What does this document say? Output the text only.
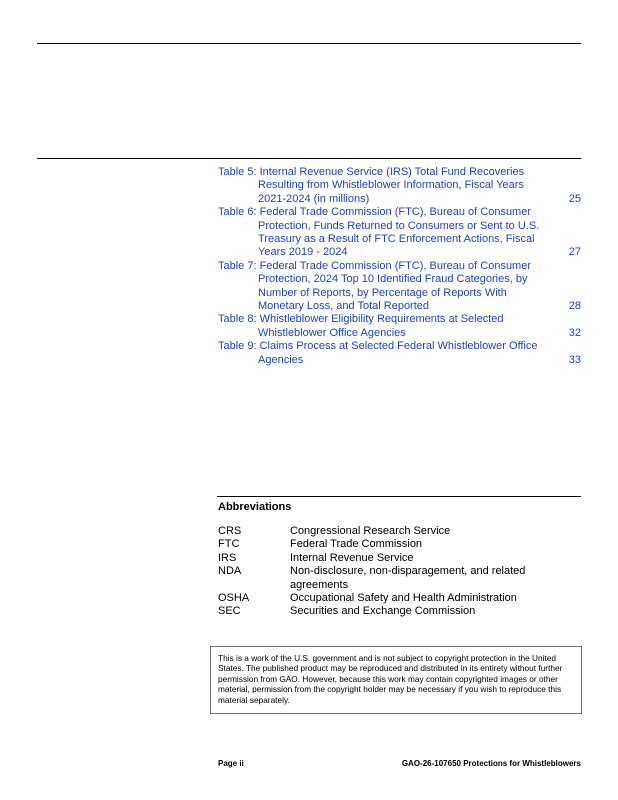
Table 5: Internal Revenue Service (IRS) Total Fund Recoveries
Resulting from Whistleblower Information, Fiscal Years
2021-2024 (in millions)	25
Table 6: Federal Trade Commission (FTC), Bureau of Consumer
Protection, Funds Returned to Consumers or Sent to U.S.
Treasury as a Result of FTC Enforcement Actions, Fiscal
Years 2019 - 2024	27
Table 7: Federal Trade Commission (FTC), Bureau of Consumer
Protection, 2024 Top 10 Identified Fraud Categories, by
Number of Reports, by Percentage of Reports With
Monetary Loss, and Total Reported	28
Table 8: Whistleblower Eligibility Requirements at Selected
Whistleblower Office Agencies	32
Table 9: Claims Process at Selected Federal Whistleblower Office
Agencies	33
Abbreviations
CRS	Congressional Research Service
FTC	Federal Trade Commission
IRS	Internal Revenue Service
NDA	Non-disclosure, non-disparagement, and related agreements
OSHA	Occupational Safety and Health Administration
SEC	Securities and Exchange Commission
This is a work of the U.S. government and is not subject to copyright protection in the United States. The published product may be reproduced and distributed in its entirety without further permission from GAO. However, because this work may contain copyrighted images or other material, permission from the copyright holder may be necessary if you wish to reproduce this material separately.
Page ii	GAO-26-107650 Protections for Whistleblowers
